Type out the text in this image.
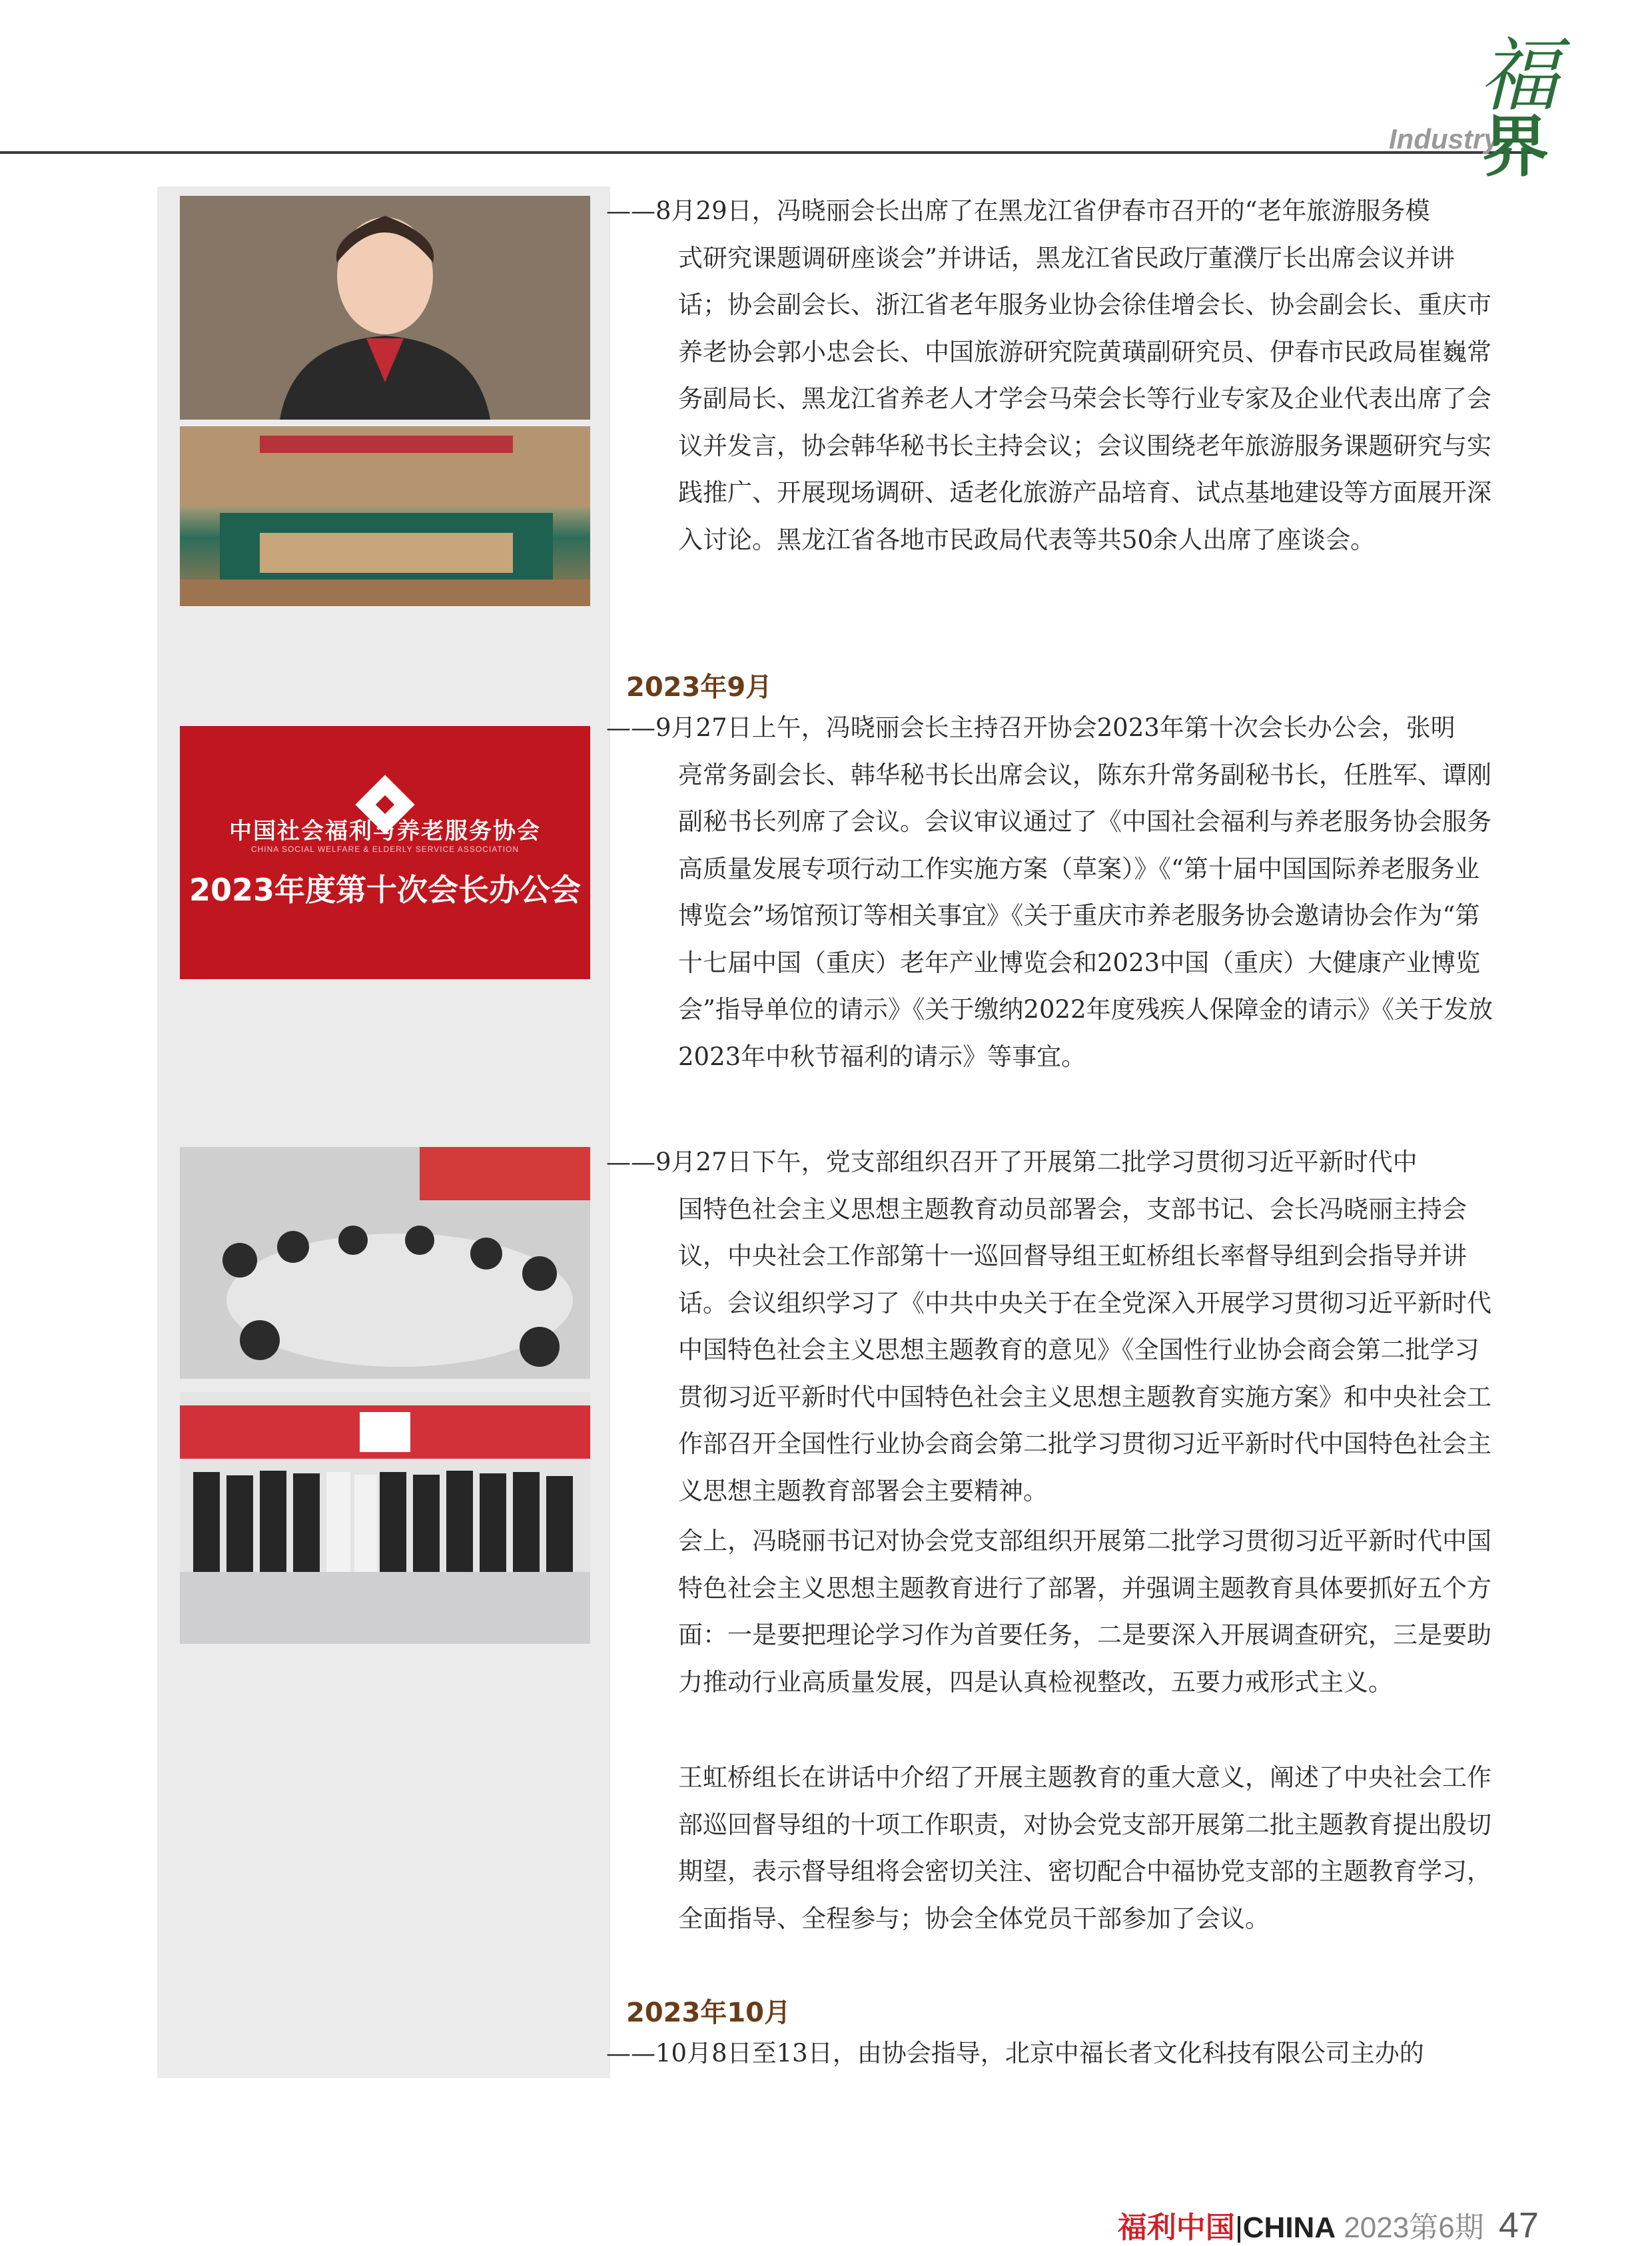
Industry
福
界
中国社会福利与养老服务协会
CHINA SOCIAL WELFARE & ELDERLY SERVICE ASSOCIATION
2023年度第十次会长办公会
——8月29日，冯晓丽会长出席了在黑龙江省伊春市召开的“老年旅游服务模
式研究课题调研座谈会”并讲话，黑龙江省民政厅董濮厅长出席会议并讲话；协会副会长、浙江省老年服务业协会徐佳增会长、协会副会长、重庆市养老协会郭小忠会长、中国旅游研究院黄璜副研究员、伊春市民政局崔巍常务副局长、黑龙江省养老人才学会马荣会长等行业专家及企业代表出席了会议并发言，协会韩华秘书长主持会议；会议围绕老年旅游服务课题研究与实践推广、开展现场调研、适老化旅游产品培育、试点基地建设等方面展开深入讨论。黑龙江省各地市民政局代表等共50余人出席了座谈会。
2023年9月
——9月27日上午，冯晓丽会长主持召开协会2023年第十次会长办公会，张明
亮常务副会长、韩华秘书长出席会议，陈东升常务副秘书长，任胜军、谭刚副秘书长列席了会议。会议审议通过了《中国社会福利与养老服务协会服务高质量发展专项行动工作实施方案（草案）》《“第十届中国国际养老服务业博览会”场馆预订等相关事宜》《关于重庆市养老服务协会邀请协会作为“第十七届中国（重庆）老年产业博览会和2023中国（重庆）大健康产业博览会”指导单位的请示》《关于缴纳2022年度残疾人保障金的请示》《关于发放2023年中秋节福利的请示》等事宜。
——9月27日下午，党支部组织召开了开展第二批学习贯彻习近平新时代中
国特色社会主义思想主题教育动员部署会，支部书记、会长冯晓丽主持会议，中央社会工作部第十一巡回督导组王虹桥组长率督导组到会指导并讲话。会议组织学习了《中共中央关于在全党深入开展学习贯彻习近平新时代中国特色社会主义思想主题教育的意见》《全国性行业协会商会第二批学习贯彻习近平新时代中国特色社会主义思想主题教育实施方案》和中央社会工作部召开全国性行业协会商会第二批学习贯彻习近平新时代中国特色社会主义思想主题教育部署会主要精神。
会上，冯晓丽书记对协会党支部组织开展第二批学习贯彻习近平新时代中国特色社会主义思想主题教育进行了部署，并强调主题教育具体要抓好五个方面：一是要把理论学习作为首要任务，二是要深入开展调查研究，三是要助力推动行业高质量发展，四是认真检视整改，五要力戒形式主义。
王虹桥组长在讲话中介绍了开展主题教育的重大意义，阐述了中央社会工作部巡回督导组的十项工作职责，对协会党支部开展第二批主题教育提出殷切期望，表示督导组将会密切关注、密切配合中福协党支部的主题教育学习，全面指导、全程参与；协会全体党员干部参加了会议。
2023年10月
——10月8日至13日，由协会指导，北京中福长者文化科技有限公司主办的
福利中国 CHINA 2023第6期 47
